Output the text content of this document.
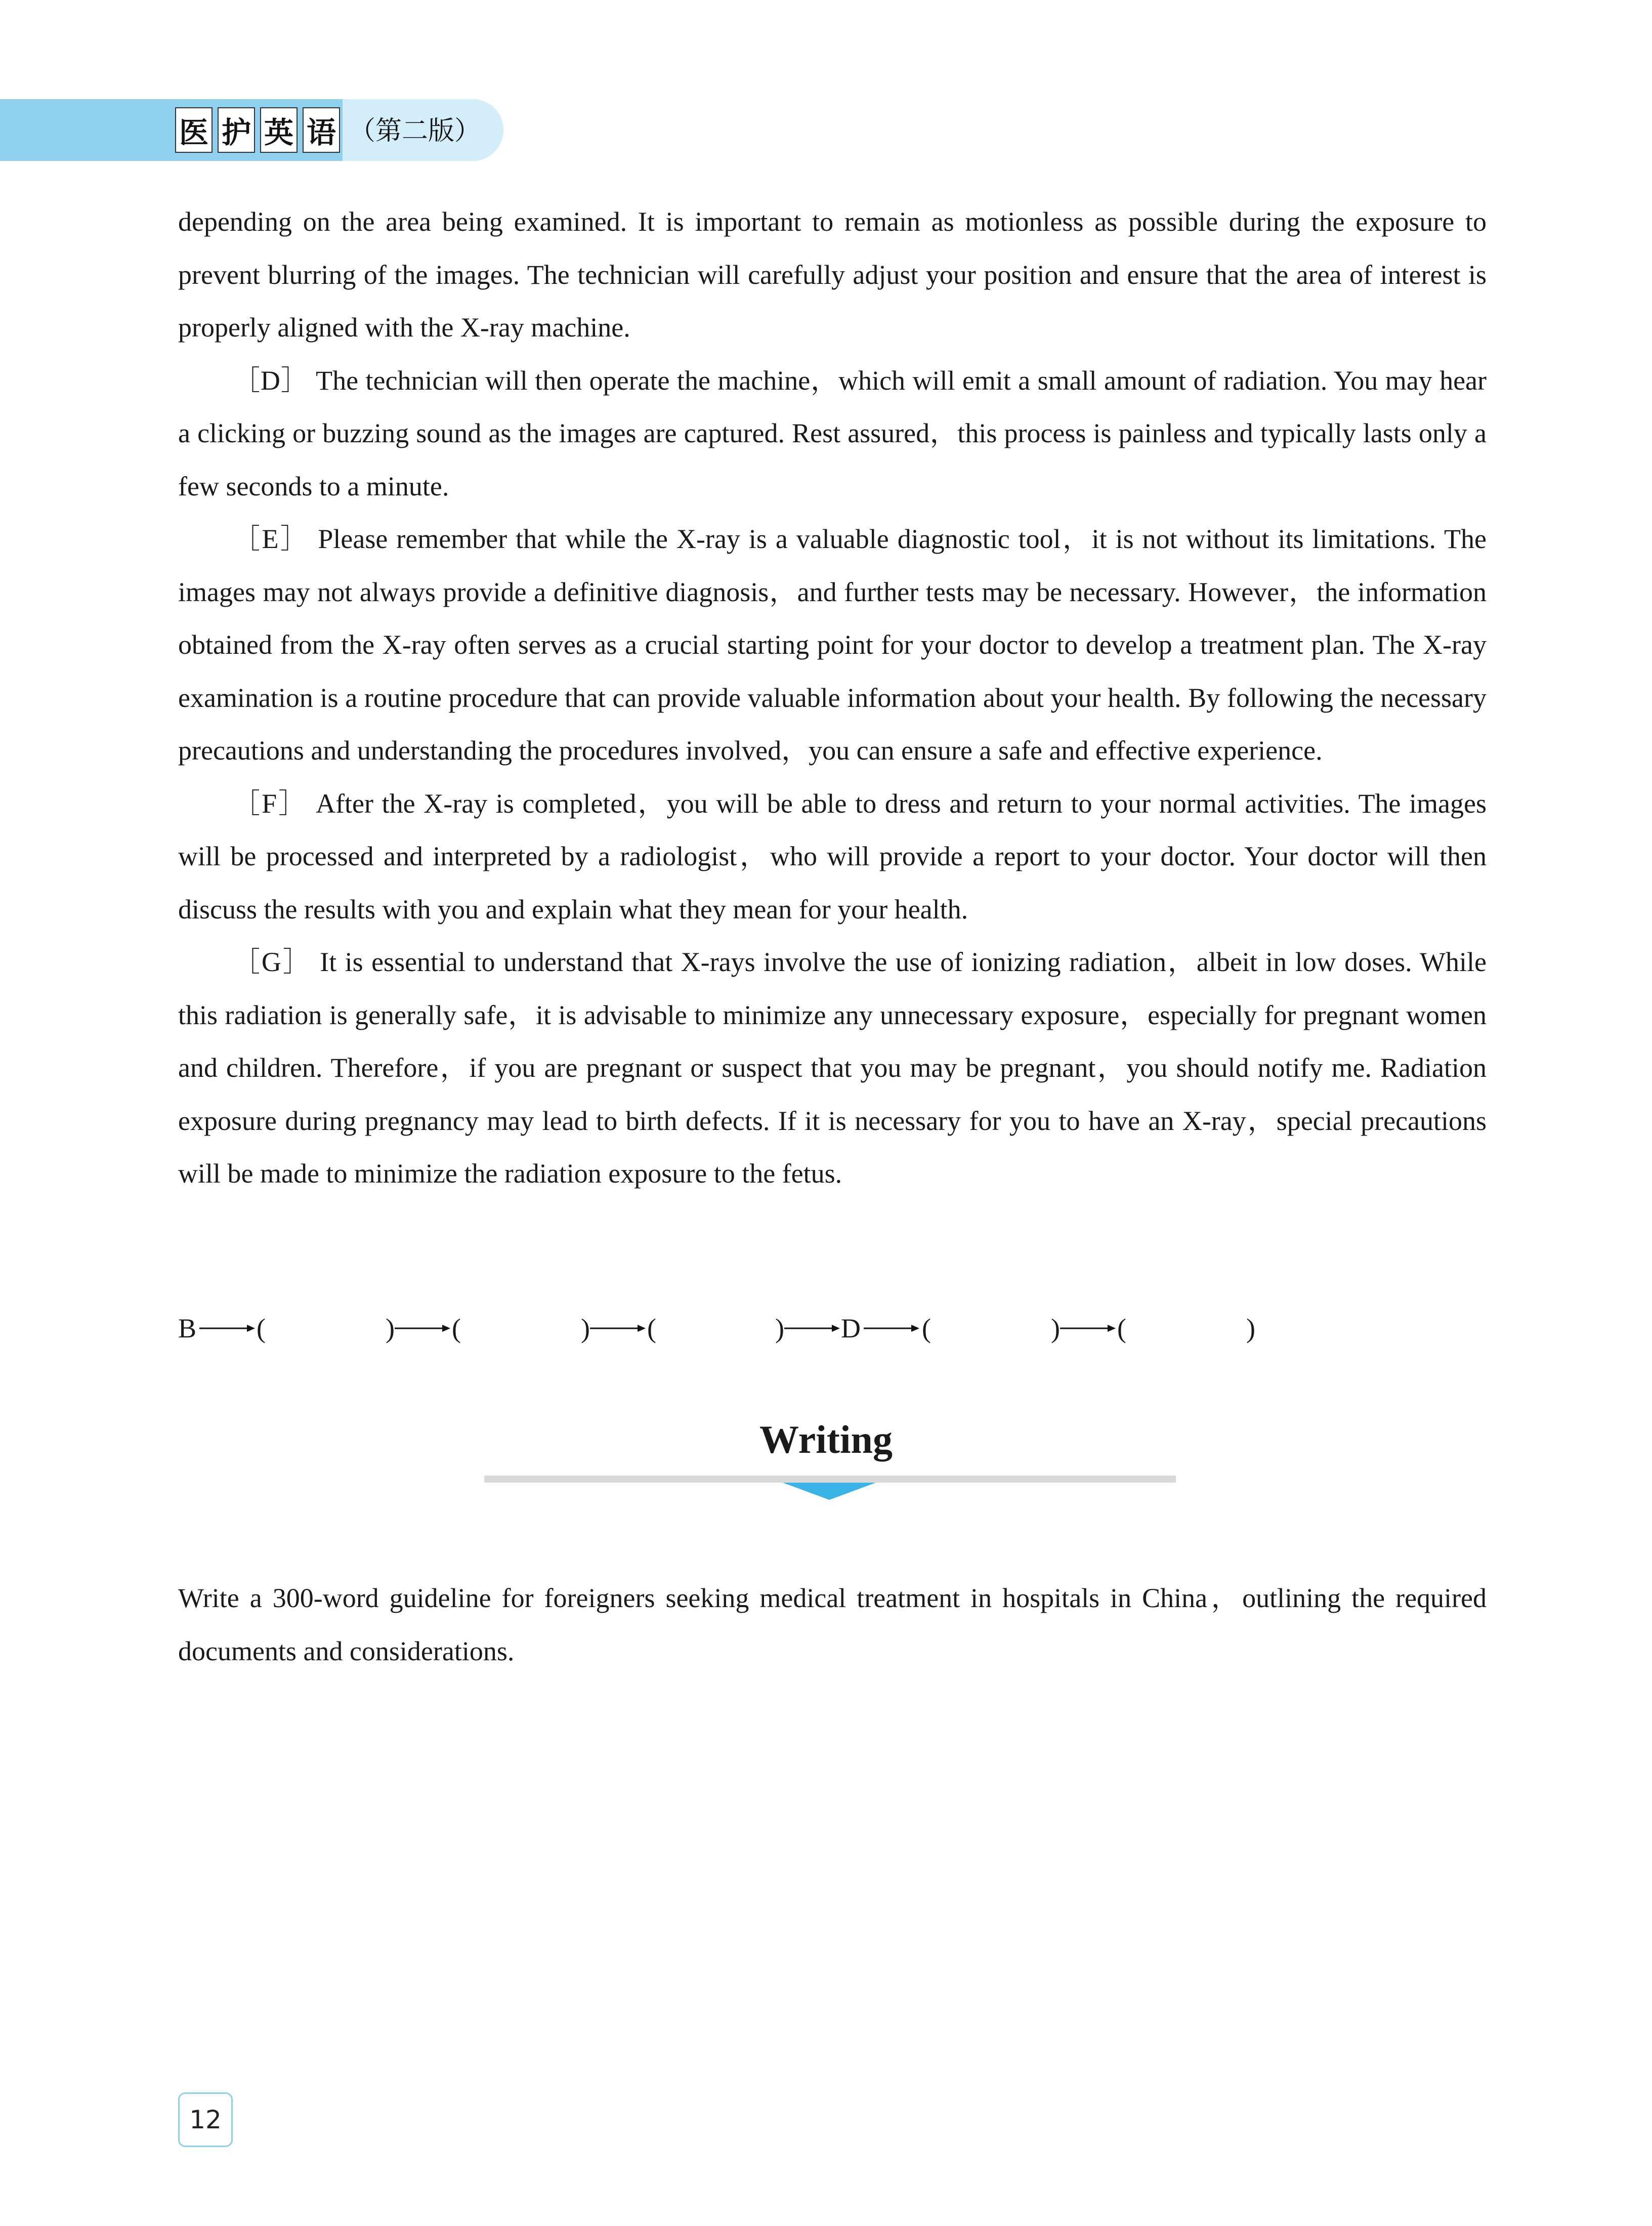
医 护 英 语 （第二版）

depending on the area being examined. It is important to remain as motionless as possible during the exposure to prevent blurring of the images. The technician will carefully adjust your position and ensure that the area of interest is properly aligned with the X-ray machine.

［D］ The technician will then operate the machine，which will emit a small amount of radiation. You may hear a clicking or buzzing sound as the images are captured. Rest assured，this process is painless and typically lasts only a few seconds to a minute.

［E］ Please remember that while the X-ray is a valuable diagnostic tool，it is not without its limitations. The images may not always provide a definitive diagnosis，and further tests may be necessary. However，the information obtained from the X-ray often serves as a crucial starting point for your doctor to develop a treatment plan. The X-ray examination is a routine procedure that can provide valuable information about your health. By following the necessary precautions and understanding the procedures involved，you can ensure a safe and effective experience.

［F］ After the X-ray is completed，you will be able to dress and return to your normal activities. The images will be processed and interpreted by a radiologist，who will provide a report to your doctor. Your doctor will then discuss the results with you and explain what they mean for your health.

［G］ It is essential to understand that X-rays involve the use of ionizing radiation，albeit in low doses. While this radiation is generally safe，it is advisable to minimize any unnecessary exposure，especially for pregnant women and children. Therefore，if you are pregnant or suspect that you may be pregnant，you should notify me. Radiation exposure during pregnancy may lead to birth defects. If it is necessary for you to have an X-ray，special precautions will be made to minimize the radiation exposure to the fetus.

B (	) (	) (	) D (	) (	)
Writing

Write a 300-word guideline for foreigners seeking medical treatment in hospitals in China，outlining the required documents and considerations.

12
